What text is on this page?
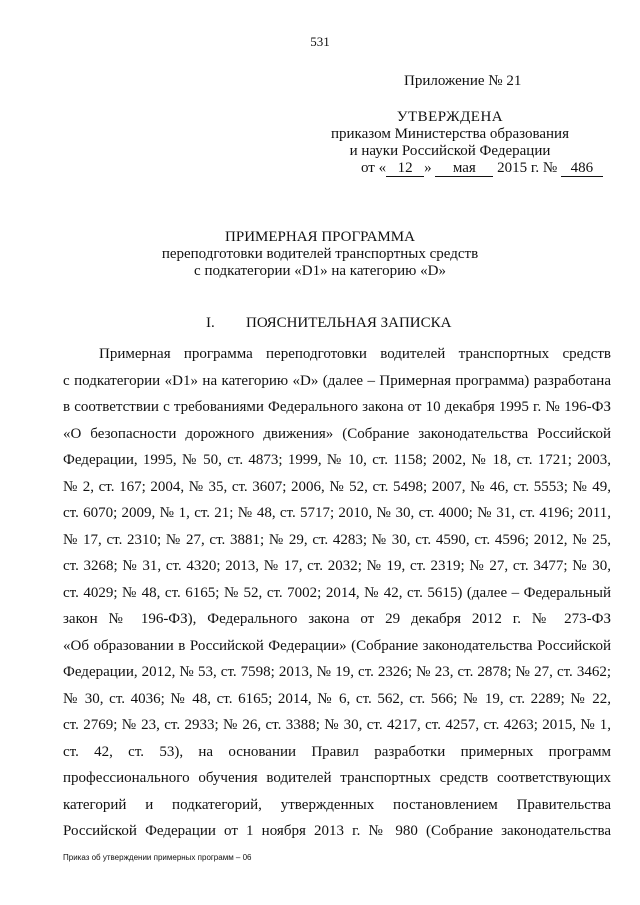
531
Приложение № 21
УТВЕРЖДЕНА
приказом Министерства образования
и науки Российской Федерации
от « 12 » мая 2015 г. № 486
ПРИМЕРНАЯ ПРОГРАММА
переподготовки водителей транспортных средств
с подкатегории «D1» на категорию «D»
I. ПОЯСНИТЕЛЬНАЯ ЗАПИСКА
Примерная программа переподготовки водителей транспортных средств
с подкатегории «D1» на категорию «D» (далее – Примерная программа) разработана
в соответствии с требованиями Федерального закона от 10 декабря 1995 г. № 196-ФЗ
«О безопасности дорожного движения» (Собрание законодательства Российской
Федерации, 1995, № 50, ст. 4873; 1999, № 10, ст. 1158; 2002, № 18, ст. 1721; 2003,
№ 2, ст. 167; 2004, № 35, ст. 3607; 2006, № 52, ст. 5498; 2007, № 46, ст. 5553; № 49,
ст. 6070; 2009, № 1, ст. 21; № 48, ст. 5717; 2010, № 30, ст. 4000; № 31, ст. 4196; 2011,
№ 17, ст. 2310; № 27, ст. 3881; № 29, ст. 4283; № 30, ст. 4590, ст. 4596; 2012, № 25,
ст. 3268; № 31, ст. 4320; 2013, № 17, ст. 2032; № 19, ст. 2319; № 27, ст. 3477; № 30,
ст. 4029; № 48, ст. 6165; № 52, ст. 7002; 2014, № 42, ст. 5615) (далее – Федеральный
закон № 196-ФЗ), Федерального закона от 29 декабря 2012 г. № 273-ФЗ
«Об образовании в Российской Федерации» (Собрание законодательства Российской
Федерации, 2012, № 53, ст. 7598; 2013, № 19, ст. 2326; № 23, ст. 2878; № 27, ст. 3462;
№ 30, ст. 4036; № 48, ст. 6165; 2014, № 6, ст. 562, ст. 566; № 19, ст. 2289; № 22,
ст. 2769; № 23, ст. 2933; № 26, ст. 3388; № 30, ст. 4217, ст. 4257, ст. 4263; 2015, № 1,
ст. 42, ст. 53), на основании Правил разработки примерных программ
профессионального обучения водителей транспортных средств соответствующих
категорий и подкатегорий, утвержденных постановлением Правительства
Российской Федерации от 1 ноября 2013 г. № 980 (Собрание законодательства
Приказ об утверждении примерных программ – 06
